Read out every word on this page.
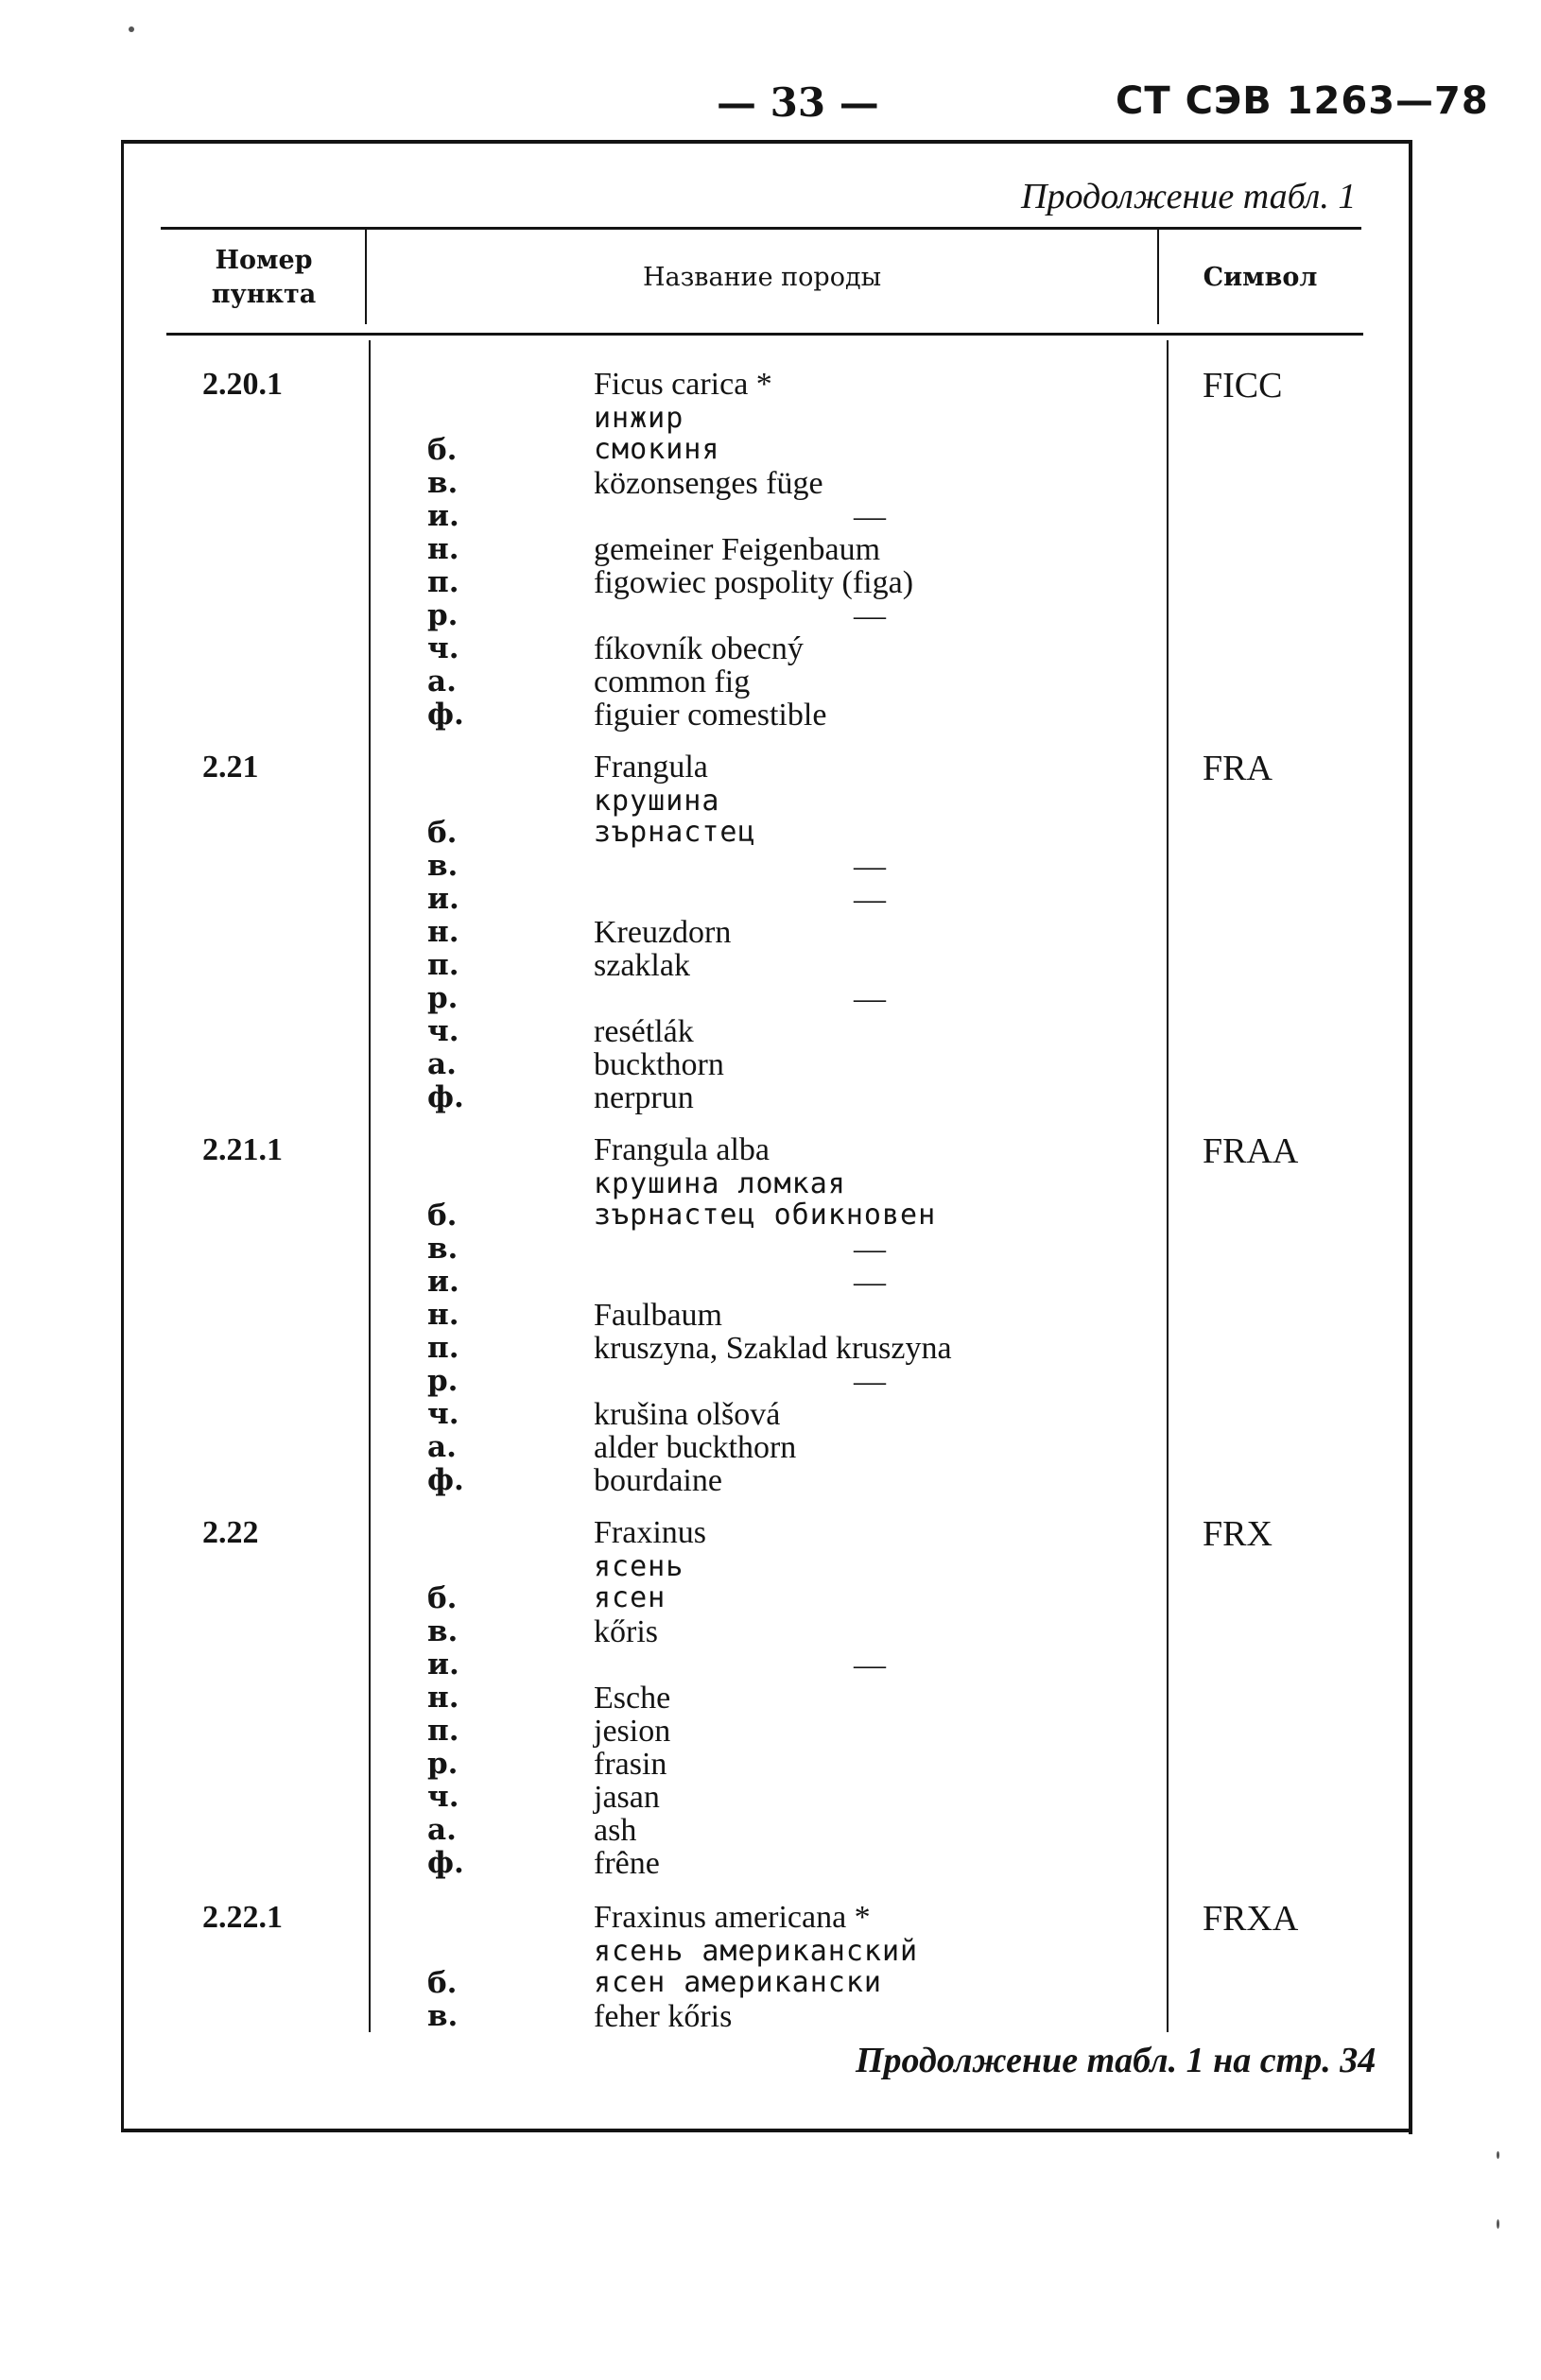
— 33 —	СТ СЭВ 1263—78
Продолжение табл. 1
Номер
пункта
Название породы	Символ
2.20.1	FICC
Ficus carica *
инжир
б.	смокиня
в.	közonsenges füge
и.	—
н.	gemeiner Feigenbaum
п.	figowiec pospolity (figa)
р.	—
ч.	fíkovník obecný
а.	common fig
ф.	figuier comestible
2.21	FRA
Frangula
крушина
б.	зърнастец
в.	—
и.	—
н.	Kreuzdorn
п.	szaklak
р.	—
ч.	resétlák
а.	buckthorn
ф.	nerprun
2.21.1	FRAA
Frangula alba
крушина ломкая
б.	зърнастец обикновен
в.	—
и.	—
н.	Faulbaum
п.	kruszyna, Szaklad kruszyna
р.	—
ч.	krušina olšová
а.	alder buckthorn
ф.	bourdaine
2.22	FRX
Fraxinus
ясень
б.	ясен
в.	kőris
и.	—
н.	Esche
п.	jesion
р.	frasin
ч.	jasan
а.	ash
ф.	frêne
2.22.1	FRXA
Fraxinus americana *
ясень американский
б.	ясен американски
в.	feher kőris
Продолжение табл. 1 на стр. 34
